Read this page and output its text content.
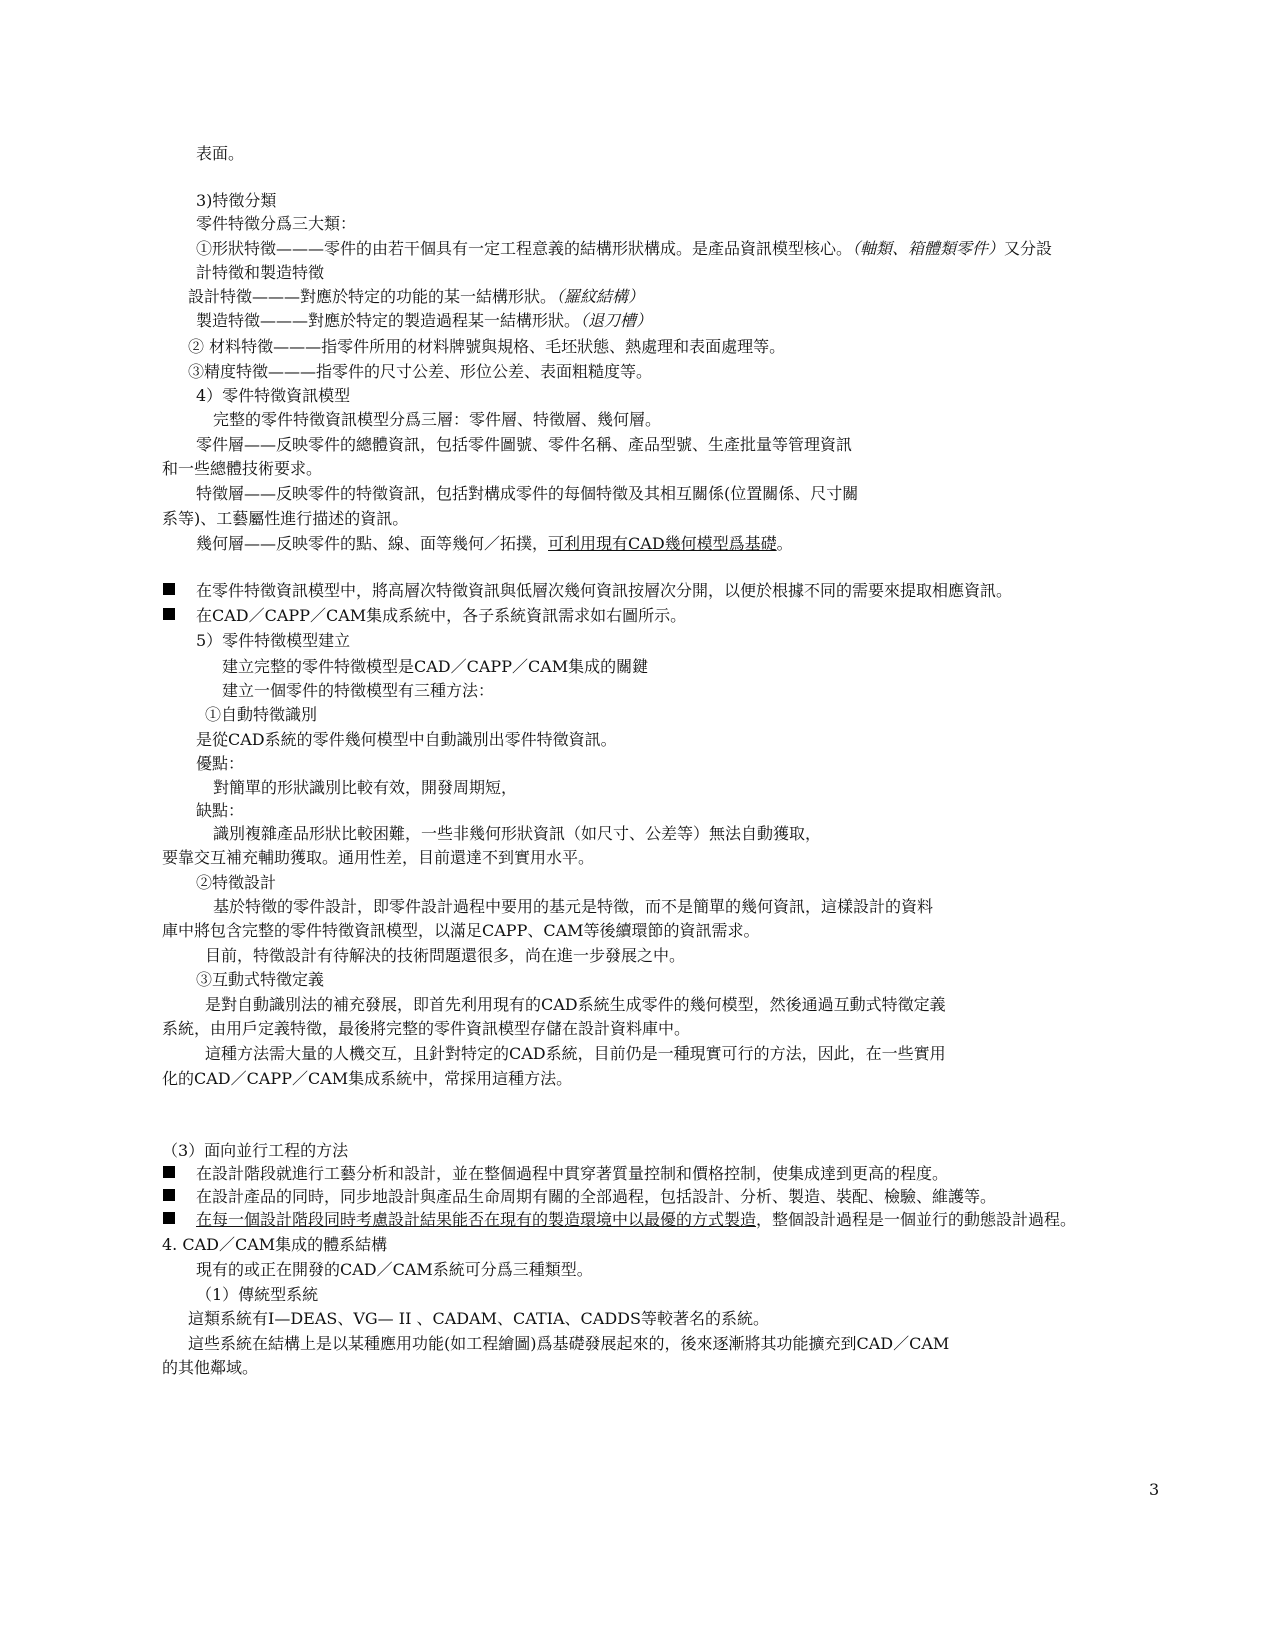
表面。
3)特徵分類
零件特徵分爲三大類：
①形狀特徵———零件的由若干個具有一定工程意義的結構形狀構成。是產品資訊模型核心。（軸類、箱體類零件）又分設
計特徵和製造特徵
設計特徵———對應於特定的功能的某一結構形狀。（羅紋結構）
製造特徵———對應於特定的製造過程某一結構形狀。（退刀槽）
② 材料特徵———指零件所用的材料牌號與規格、毛坯狀態、熱處理和表面處理等。
③精度特徵———指零件的尺寸公差、形位公差、表面粗糙度等。
4）零件特徵資訊模型
完整的零件特徵資訊模型分爲三層：零件層、特徵層、幾何層。
零件層——反映零件的總體資訊，包括零件圖號、零件名稱、產品型號、生產批量等管理資訊
和一些總體技術要求。
特徵層——反映零件的特徵資訊，包括對構成零件的每個特徵及其相互關係(位置關係、尺寸關
系等)、工藝屬性進行描述的資訊。
幾何層——反映零件的點、線、面等幾何／拓撲，可利用現有CAD幾何模型爲基礎。
在零件特徵資訊模型中，將高層次特徵資訊與低層次幾何資訊按層次分開，以便於根據不同的需要來提取相應資訊。
在CAD／CAPP／CAM集成系統中，各子系統資訊需求如右圖所示。
5）零件特徵模型建立
建立完整的零件特徵模型是CAD／CAPP／CAM集成的關鍵
建立一個零件的特徵模型有三種方法：
①自動特徵識別
是從CAD系統的零件幾何模型中自動識別出零件特徵資訊。
優點：
對簡單的形狀識別比較有效，開發周期短，
缺點：
識別複雜產品形狀比較困難，一些非幾何形狀資訊（如尺寸、公差等）無法自動獲取，
要靠交互補充輔助獲取。通用性差，目前還達不到實用水平。
②特徵設計
基於特徵的零件設計，即零件設計過程中要用的基元是特徵，而不是簡單的幾何資訊，這樣設計的資料
庫中將包含完整的零件特徵資訊模型，以滿足CAPP、CAM等後續環節的資訊需求。
目前，特徵設計有待解決的技術問題還很多，尚在進一步發展之中。
③互動式特徵定義
是對自動識別法的補充發展，即首先利用現有的CAD系統生成零件的幾何模型，然後通過互動式特徵定義
系統，由用戶定義特徵，最後將完整的零件資訊模型存儲在設計資料庫中。
這種方法需大量的人機交互，且針對特定的CAD系統，目前仍是一種現實可行的方法，因此，在一些實用
化的CAD／CAPP／CAM集成系統中，常採用這種方法。
（3）面向並行工程的方法
在設計階段就進行工藝分析和設計，並在整個過程中貫穿著質量控制和價格控制，使集成達到更高的程度。
在設計產品的同時，同步地設計與產品生命周期有關的全部過程，包括設計、分析、製造、裝配、檢驗、維護等。
在每一個設計階段同時考慮設計結果能否在現有的製造環境中以最優的方式製造，整個設計過程是一個並行的動態設計過程。
4. CAD／CAM集成的體系結構
現有的或正在開發的CAD／CAM系統可分爲三種類型。
（1）傳統型系統
這類系統有I—DEAS、VG— II 、CADAM、CATIA、CADDS等較著名的系統。
這些系統在結構上是以某種應用功能(如工程繪圖)爲基礎發展起來的，後來逐漸將其功能擴充到CAD／CAM
的其他鄰域。
3
